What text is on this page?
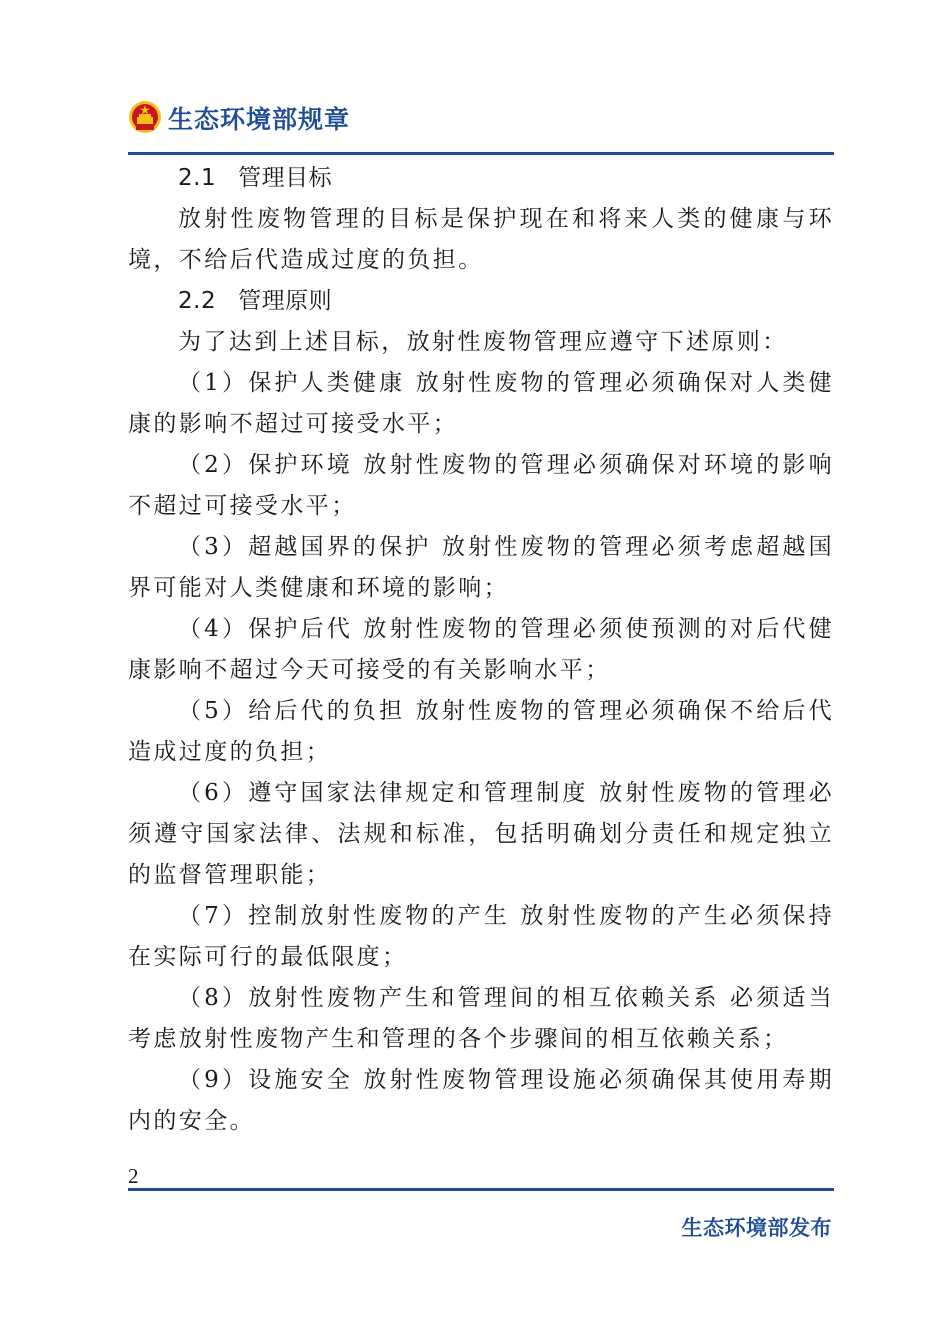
生态环境部规章

2.1 管理目标

放射性废物管理的目标是保护现在和将来人类的健康与环境，不给后代造成过度的负担。

2.2 管理原则

为了达到上述目标，放射性废物管理应遵守下述原则：

（1）保护人类健康 放射性废物的管理必须确保对人类健康的影响不超过可接受水平；

（2）保护环境 放射性废物的管理必须确保对环境的影响不超过可接受水平；

（3）超越国界的保护 放射性废物的管理必须考虑超越国界可能对人类健康和环境的影响；

（4）保护后代 放射性废物的管理必须使预测的对后代健康影响不超过今天可接受的有关影响水平；

（5）给后代的负担 放射性废物的管理必须确保不给后代造成过度的负担；

（6）遵守国家法律规定和管理制度 放射性废物的管理必须遵守国家法律、法规和标准，包括明确划分责任和规定独立的监督管理职能；

（7）控制放射性废物的产生 放射性废物的产生必须保持在实际可行的最低限度；

（8）放射性废物产生和管理间的相互依赖关系 必须适当考虑放射性废物产生和管理的各个步骤间的相互依赖关系；

（9）设施安全 放射性废物管理设施必须确保其使用寿期内的安全。

2
生态环境部发布
